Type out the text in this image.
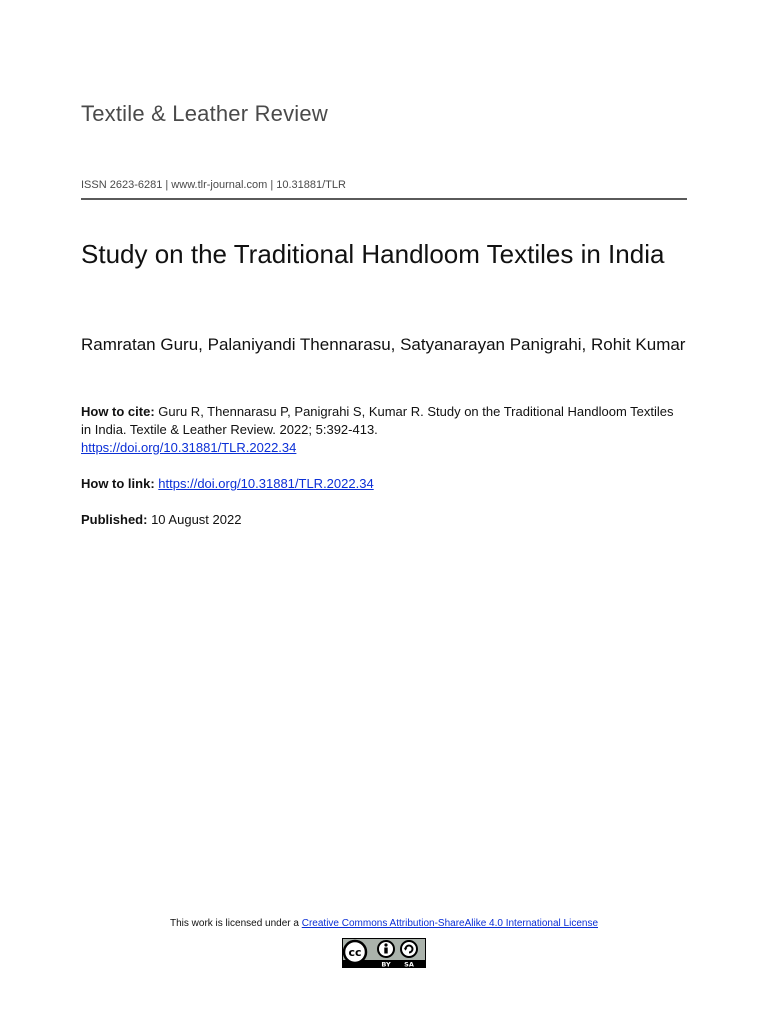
Textile & Leather Review
ISSN 2623-6281 | www.tlr-journal.com | 10.31881/TLR
Study on the Traditional Handloom Textiles in India
Ramratan Guru, Palaniyandi Thennarasu, Satyanarayan Panigrahi, Rohit Kumar
How to cite: Guru R, Thennarasu P, Panigrahi S, Kumar R. Study on the Traditional Handloom Textiles in India. Textile & Leather Review. 2022; 5:392-413.
https://doi.org/10.31881/TLR.2022.34
How to link: https://doi.org/10.31881/TLR.2022.34
Published: 10 August 2022
This work is licensed under a Creative Commons Attribution-ShareAlike 4.0 International License
cc
BY SA
